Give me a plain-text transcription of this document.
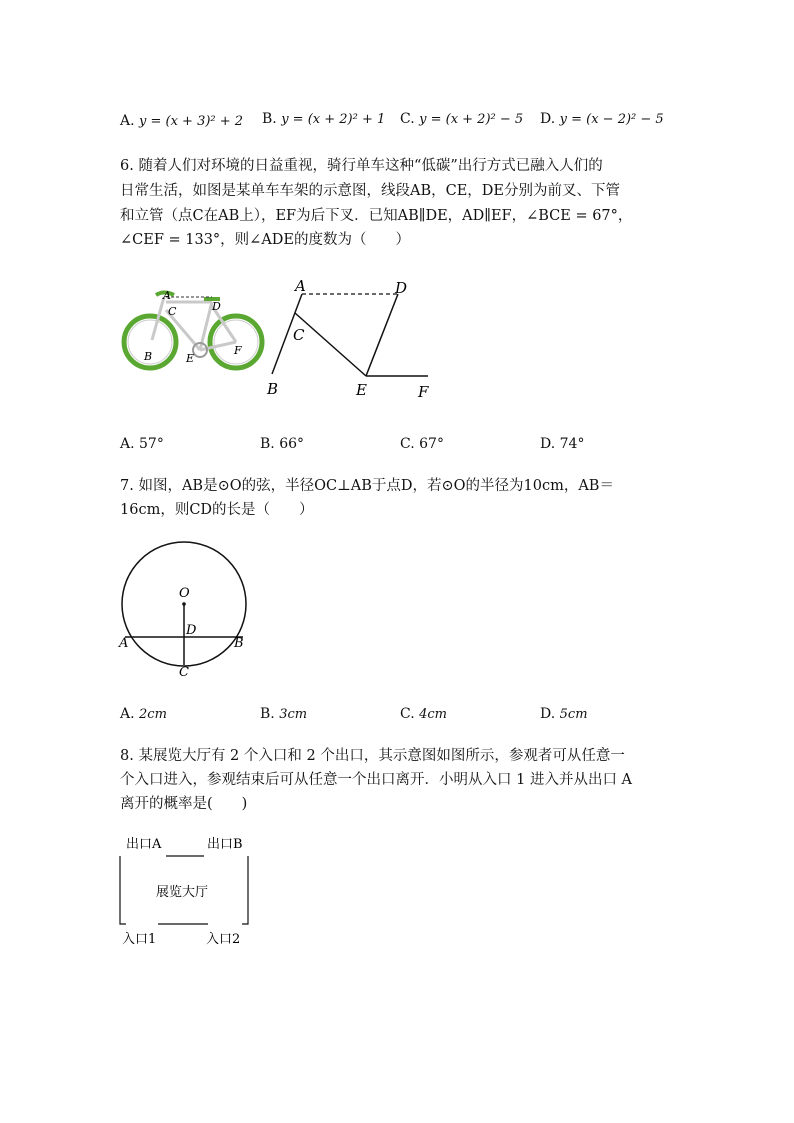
A. y = (x + 3)² + 2 B. y = (x + 2)² + 1 C. y = (x + 2)² − 5 D. y = (x − 2)² − 5
6. 随着人们对环境的日益重视，骑行单车这种“低碳”出行方式已融入人们的
日常生活，如图是某单车车架的示意图，线段AB，CE，DE分别为前叉、下管
和立管（点C在AB上），EF为后下叉．已知AB∥DE，AD∥EF，∠BCE = 67°，
∠CEF = 133°，则∠ADE的度数为（　　）
A
D
C
B	E
F
A	D
C
B	E	F
A. 57°	B. 66°	C. 67°	D. 74°
7. 如图，AB是⊙O的弦，半径OC⊥AB于点D，若⊙O的半径为10cm，AB＝
16cm，则CD的长是（　　）
O
D
A	B
C
A. 2cm	B. 3cm	C. 4cm	D. 5cm
8. 某展览大厅有 2 个入口和 2 个出口，其示意图如图所示，参观者可从任意一
个入口进入，参观结束后可从任意一个出口离开．小明从入口 1 进入并从出口 A
离开的概率是(　　)
出口A	出口B
展览大厅
入口1	入口2
